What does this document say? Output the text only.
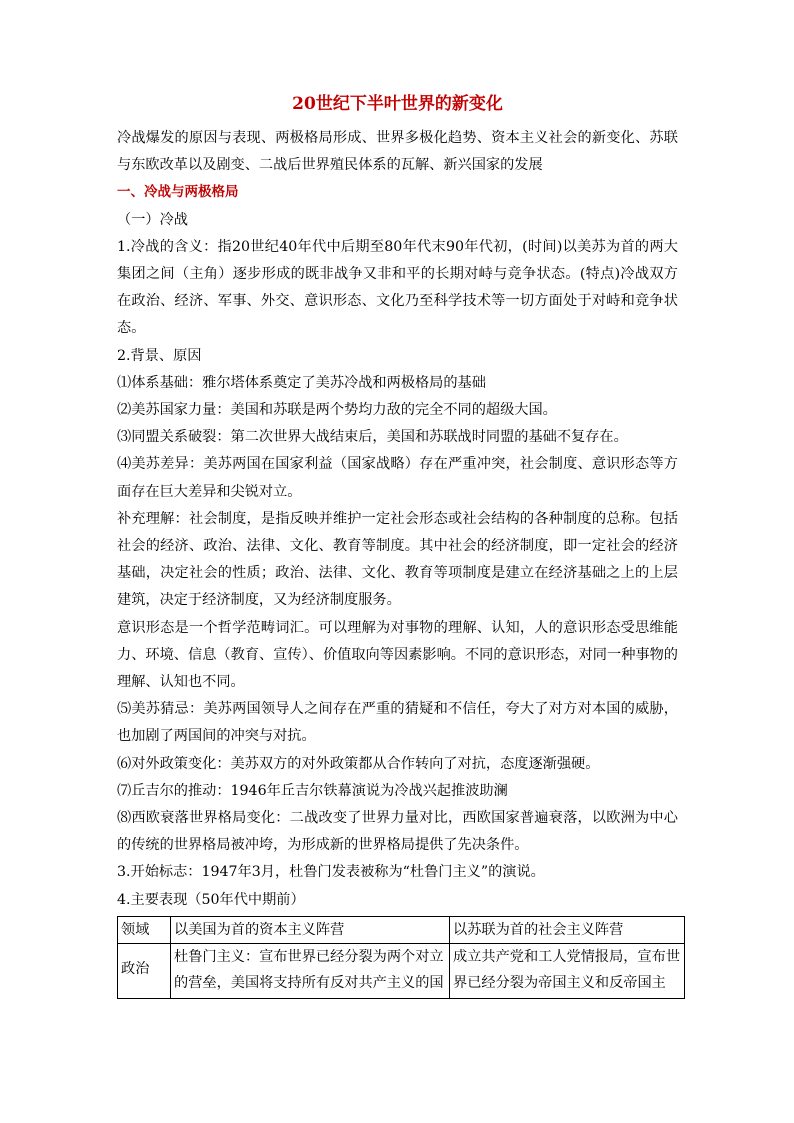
20世纪下半叶世界的新变化

冷战爆发的原因与表现、两极格局形成、世界多极化趋势、资本主义社会的新变化、苏联与东欧改革以及剧变、二战后世界殖民体系的瓦解、新兴国家的发展

一、冷战与两极格局

（一）冷战

1.冷战的含义：指20世纪40年代中后期至80年代末90年代初，(时间)以美苏为首的两大集团之间（主角）逐步形成的既非战争又非和平的长期对峙与竞争状态。(特点)冷战双方在政治、经济、军事、外交、意识形态、文化乃至科学技术等一切方面处于对峙和竞争状态。

2.背景、原因

⑴体系基础：雅尔塔体系奠定了美苏冷战和两极格局的基础

⑵美苏国家力量：美国和苏联是两个势均力敌的完全不同的超级大国。

⑶同盟关系破裂：第二次世界大战结束后，美国和苏联战时同盟的基础不复存在。

⑷美苏差异：美苏两国在国家利益（国家战略）存在严重冲突，社会制度、意识形态等方面存在巨大差异和尖锐对立。

补充理解：社会制度，是指反映并维护一定社会形态或社会结构的各种制度的总称。包括社会的经济、政治、法律、文化、教育等制度。其中社会的经济制度，即一定社会的经济基础，决定社会的性质；政治、法律、文化、教育等项制度是建立在经济基础之上的上层建筑，决定于经济制度，又为经济制度服务。

意识形态是一个哲学范畴词汇。可以理解为对事物的理解、认知，人的意识形态受思维能力、环境、信息（教育、宣传）、价值取向等因素影响。不同的意识形态，对同一种事物的理解、认知也不同。

⑸美苏猜忌：美苏两国领导人之间存在严重的猜疑和不信任，夸大了对方对本国的威胁，也加剧了两国间的冲突与对抗。

⑹对外政策变化：美苏双方的对外政策都从合作转向了对抗，态度逐渐强硬。

⑺丘吉尔的推动：1946年丘吉尔铁幕演说为冷战兴起推波助澜

⑻西欧衰落世界格局变化：二战改变了世界力量对比，西欧国家普遍衰落，以欧洲为中心的传统的世界格局被冲垮，为形成新的世界格局提供了先决条件。

3.开始标志：1947年3月，杜鲁门发表被称为“杜鲁门主义”的演说。

4.主要表现（50年代中期前）

领域	以美国为首的资本主义阵营	以苏联为首的社会主义阵营
政治	杜鲁门主义：宣布世界已经分裂为两个对立的营垒，美国将支持所有反对共产主义的国	成立共产党和工人党情报局，宣布世界已经分裂为帝国主义和反帝国主
